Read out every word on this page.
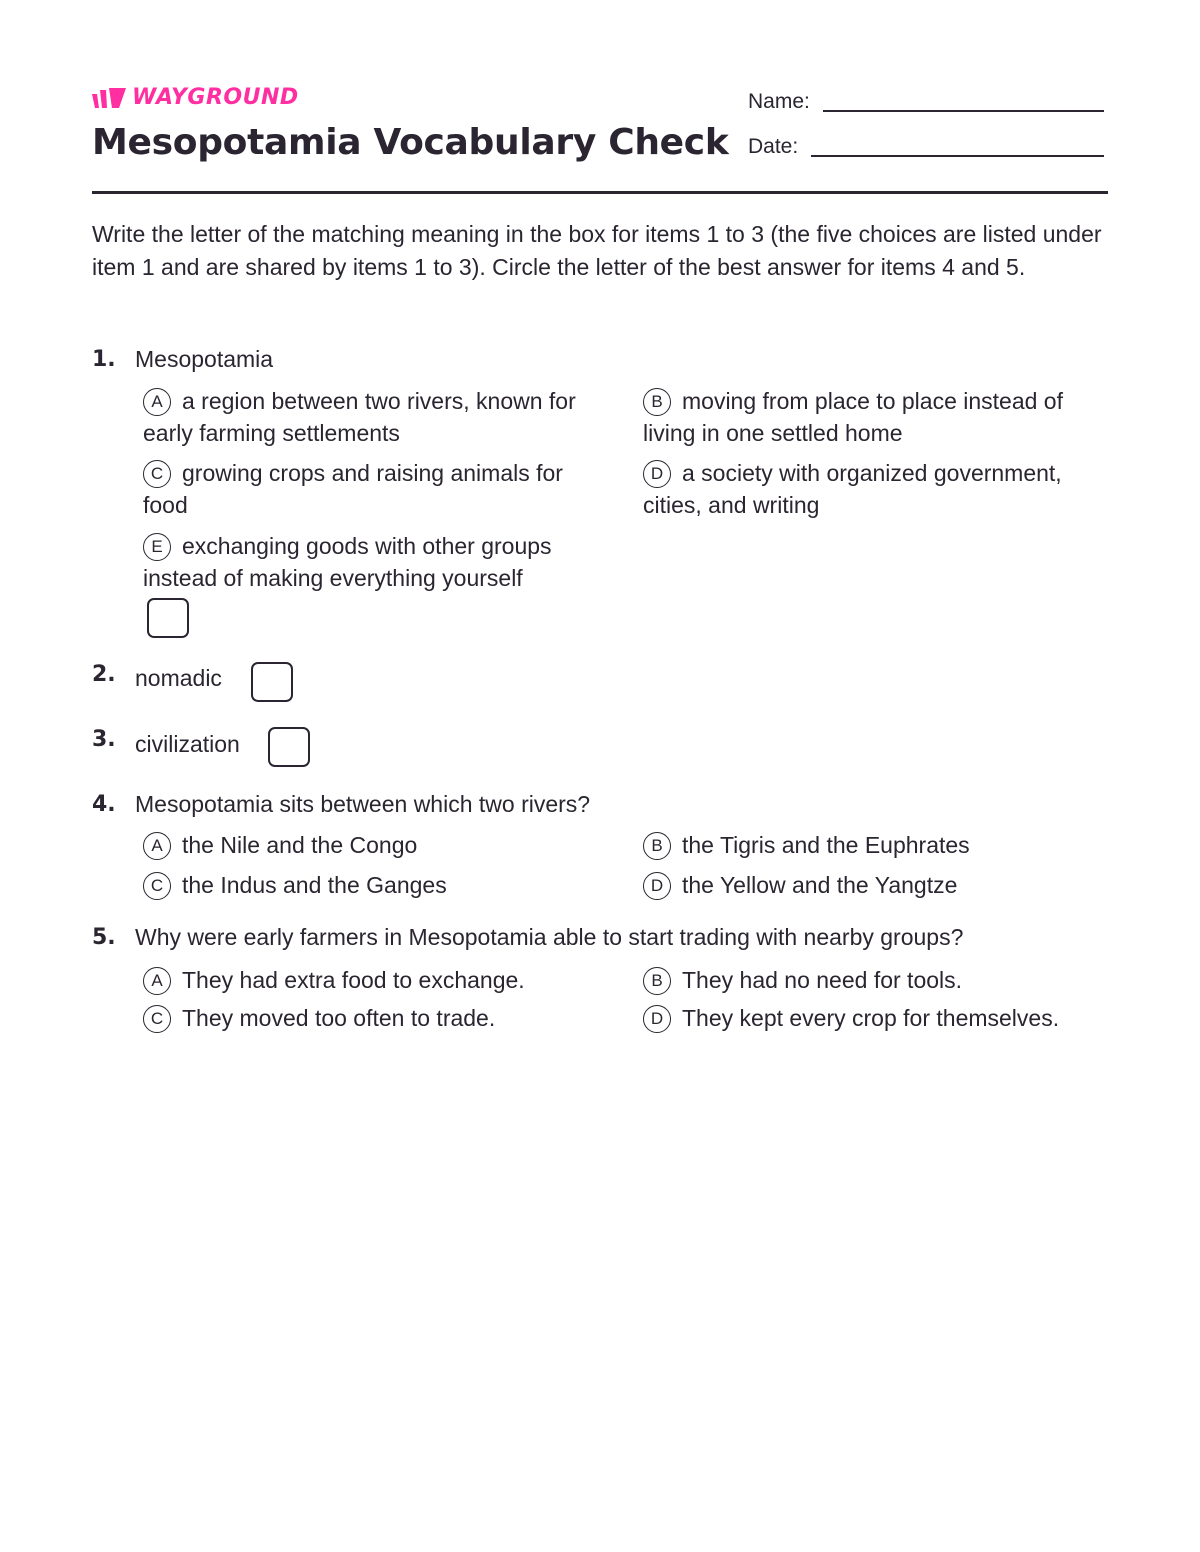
WAYGROUND
Mesopotamia Vocabulary Check
Name:
Date:

Write the letter of the matching meaning in the box for items 1 to 3 (the five choices are listed under item 1 and are shared by items 1 to 3). Circle the letter of the best answer for items 4 and 5.

1. Mesopotamia
A a region between two rivers, known for early farming settlements
B moving from place to place instead of living in one settled home
C growing crops and raising animals for food
D a society with organized government, cities, and writing
E exchanging goods with other groups instead of making everything yourself
2. nomadic
3. civilization
4. Mesopotamia sits between which two rivers?
A the Nile and the Congo	B the Tigris and the Euphrates
C the Indus and the Ganges	D the Yellow and the Yangtze
5. Why were early farmers in Mesopotamia able to start trading with nearby groups?
A They had extra food to exchange.	B They had no need for tools.
C They moved too often to trade.	D They kept every crop for themselves.
